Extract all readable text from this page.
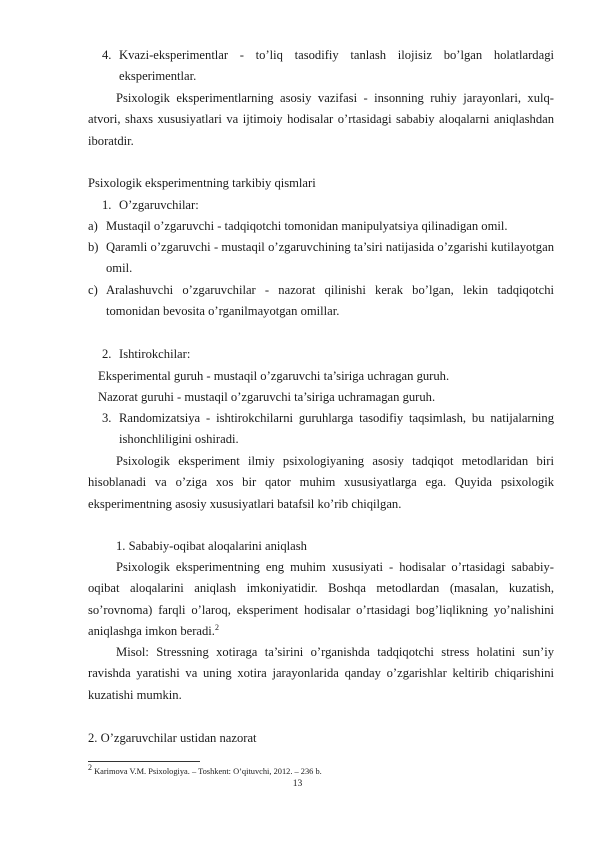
4. Kvazi-eksperimentlar - to’liq tasodifiy tanlash ilojisiz bo’lgan holatlardagi eksperimentlar.
Psixologik eksperimentlarning asosiy vazifasi - insonning ruhiy jarayonlari, xulq-atvori, shaxs xususiyatlari va ijtimoiy hodisalar o’rtasidagi sababiy aloqalarni aniqlashdan iboratdir.
Psixologik eksperimentning tarkibiy qismlari
1. O’zgaruvchilar:
a) Mustaqil o’zgaruvchi - tadqiqotchi tomonidan manipulyatsiya qilinadigan omil.
b) Qaramli o’zgaruvchi - mustaqil o’zgaruvchining ta’siri natijasida o’zgarishi kutilayotgan omil.
c) Aralashuvchi o’zgaruvchilar - nazorat qilinishi kerak bo’lgan, lekin tadqiqotchi tomonidan bevosita o’rganilmayotgan omillar.
2. Ishtirokchilar:
Eksperimental guruh - mustaqil o’zgaruvchi ta’siriga uchragan guruh.
Nazorat guruhi - mustaqil o’zgaruvchi ta’siriga uchramagan guruh.
3. Randomizatsiya - ishtirokchilarni guruhlarga tasodifiy taqsimlash, bu natijalarning ishonchliligini oshiradi.
Psixologik eksperiment ilmiy psixologiyaning asosiy tadqiqot metodlaridan biri hisoblanadi va o’ziga xos bir qator muhim xususiyatlarga ega. Quyida psixologik eksperimentning asosiy xususiyatlari batafsil ko’rib chiqilgan.
1. Sababiy-oqibat aloqalarini aniqlash
Psixologik eksperimentning eng muhim xususiyati - hodisalar o’rtasidagi sababiy-oqibat aloqalarini aniqlash imkoniyatidir. Boshqa metodlardan (masalan, kuzatish, so’rovnoma) farqli o’laroq, eksperiment hodisalar o’rtasidagi bog’liqlikning yo’nalishini aniqlashga imkon beradi.$^2$
Misol: Stressning xotiraga ta’sirini o’rganishda tadqiqotchi stress holatini sun’iy ravishda yaratishi va uning xotira jarayonlarida qanday o’zgarishlar keltirib chiqarishini kuzatishi mumkin.
2. O’zgaruvchilar ustidan nazorat
$^2$ Karimova V.M. Psixologiya. – Toshkent: O’qituvchi, 2012. – 236 b.
13
